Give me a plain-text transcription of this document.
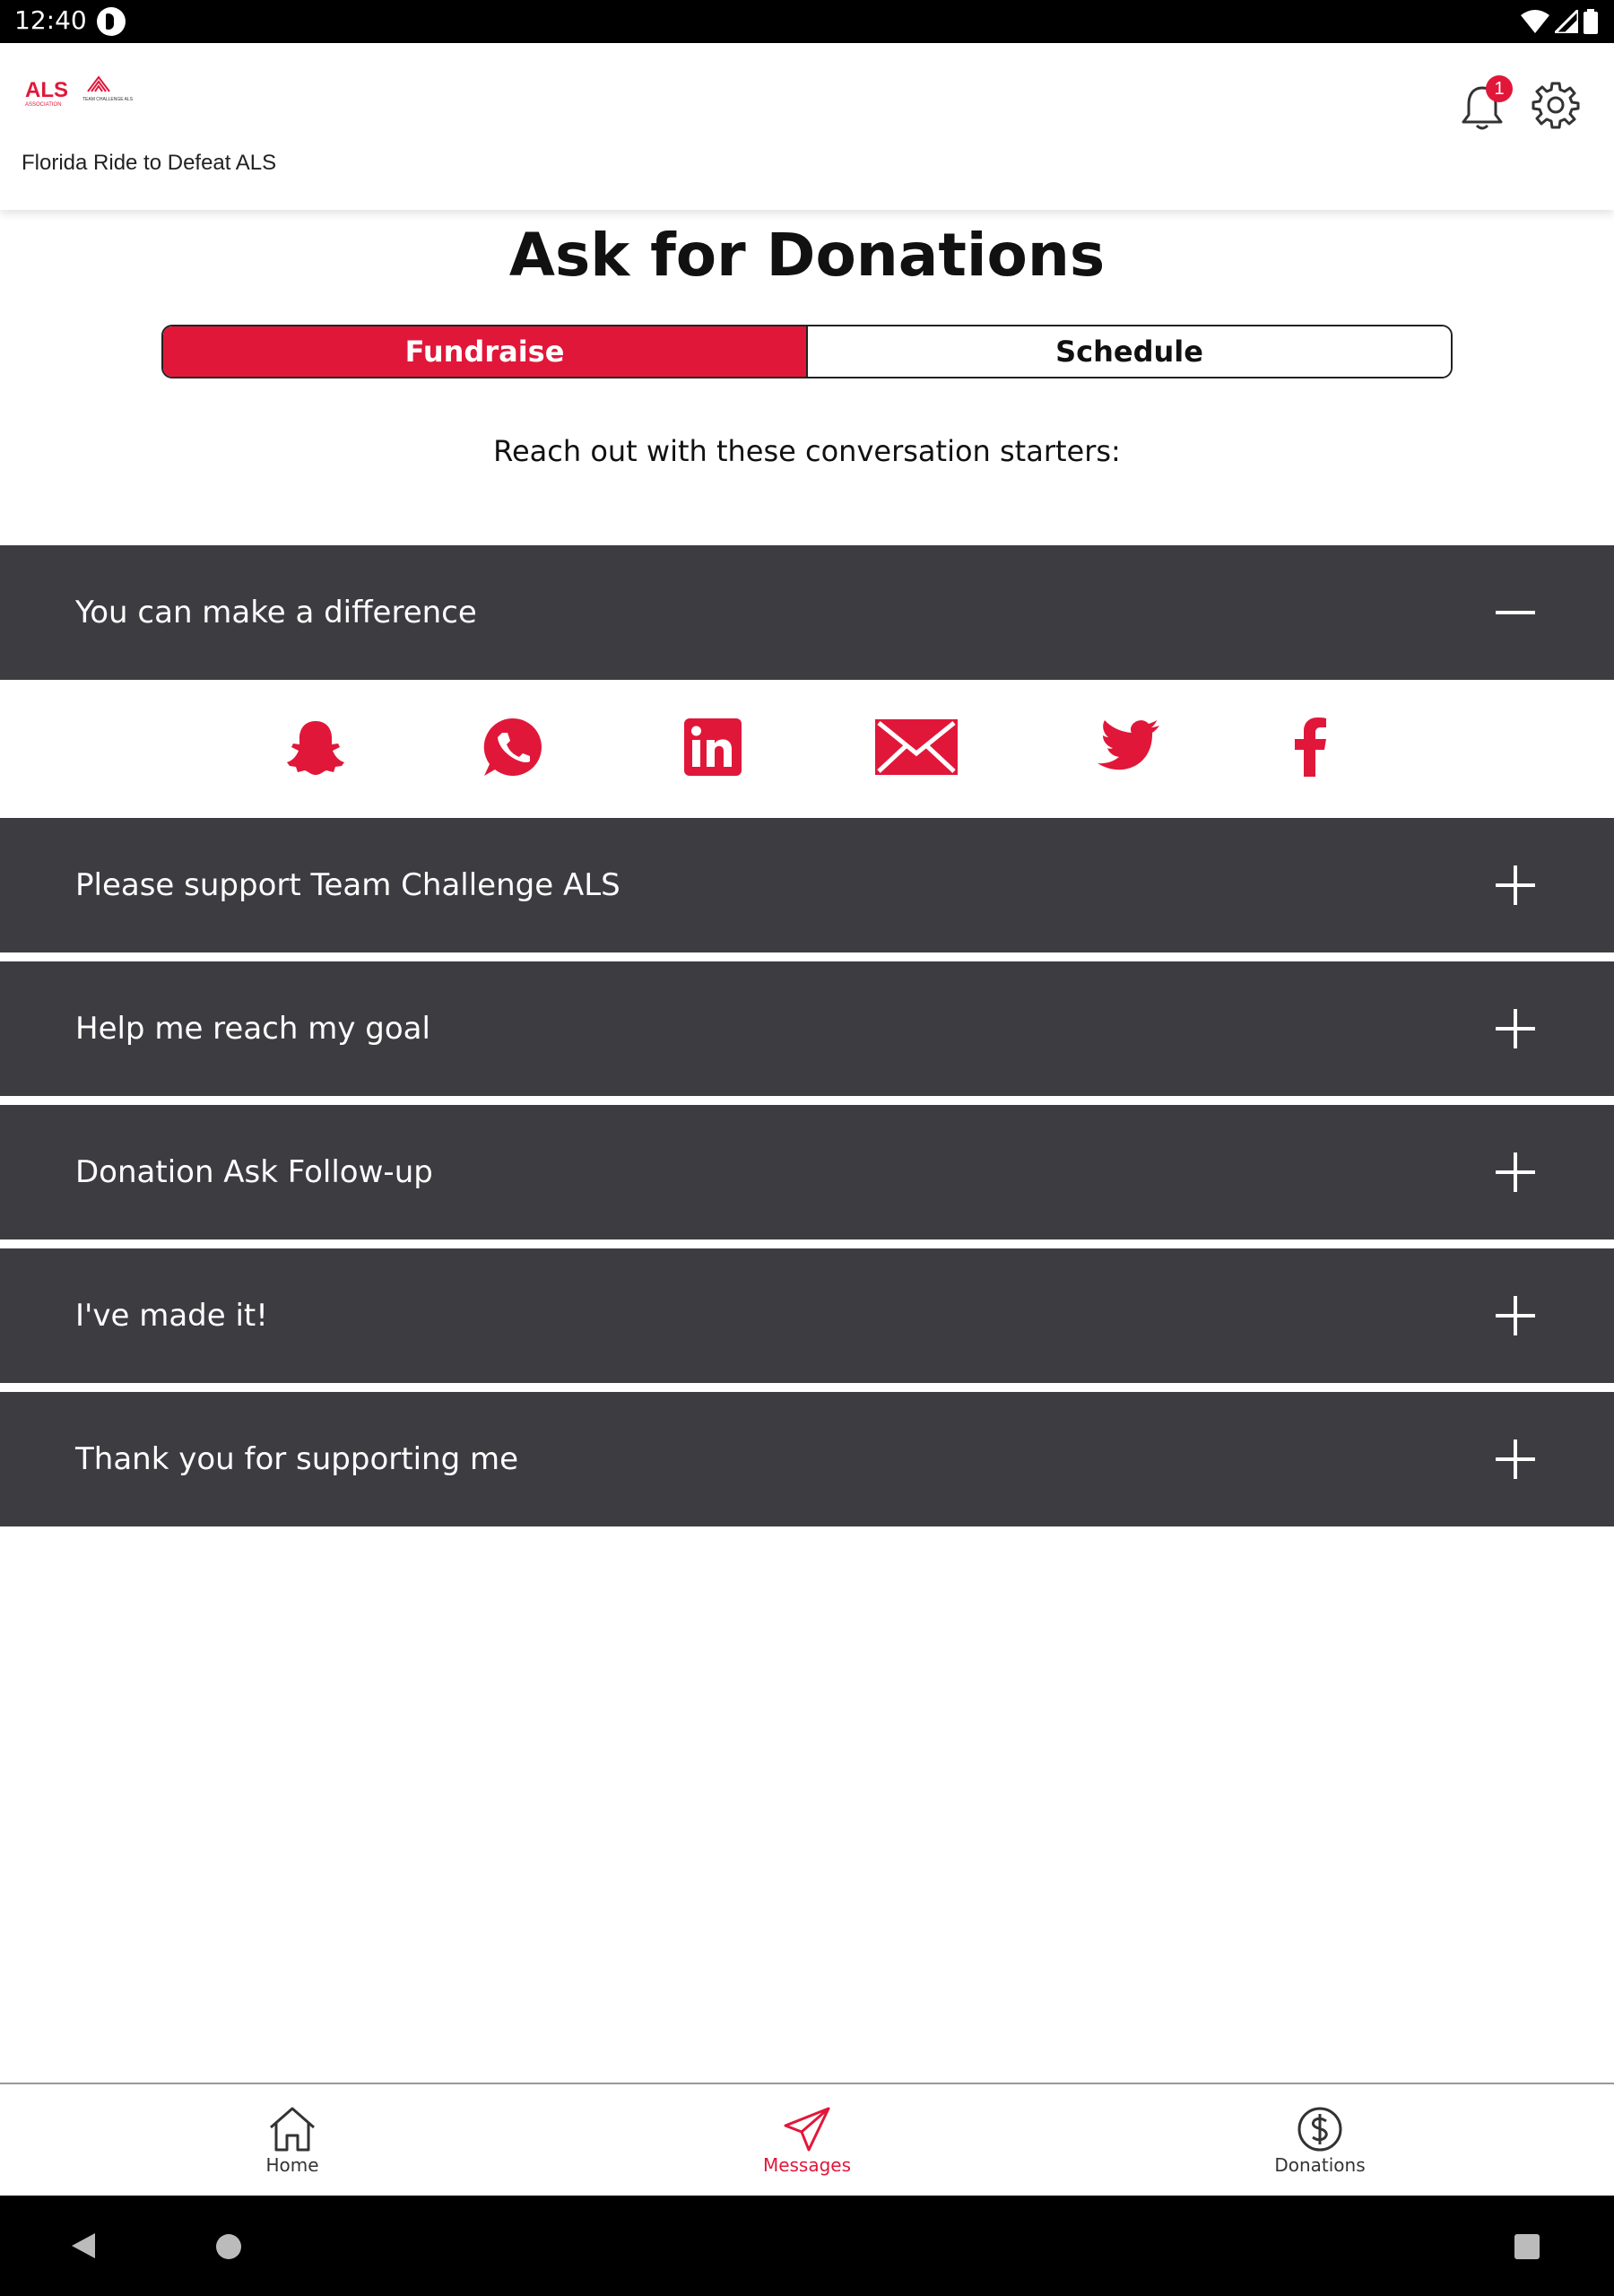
12:40
ALS
ASSOCIATION
TEAM CHALLENGE ALS
Florida Ride to Defeat ALS
1
Ask for Donations
Fundraise	Schedule

Reach out with these conversation starters:

You can make a difference
Please support Team Challenge ALS
Help me reach my goal
Donation Ask Follow-up
I've made it!
Thank you for supporting me
Home	Messages	Donations
